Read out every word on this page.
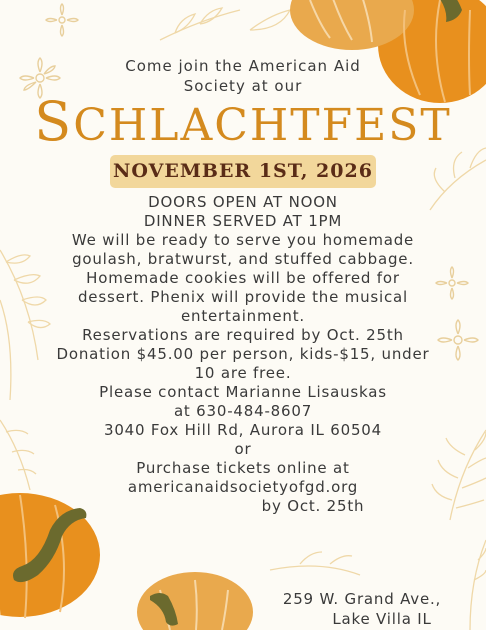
Come join the American Aid
Society at our
SCHLACHTFEST
NOVEMBER 1ST, 2026
DOORS OPEN AT NOON
DINNER SERVED AT 1PM
We will be ready to serve you homemade
goulash, bratwurst, and stuffed cabbage.
Homemade cookies will be offered for
dessert. Phenix will provide the musical
entertainment.
Reservations are required by Oct. 25th
Donation $45.00 per person, kids-$15, under
10 are free.
Please contact Marianne Lisauskas
at 630-484-8607
3040 Fox Hill Rd, Aurora IL 60504
or
Purchase tickets online at
americanaidsocietyofgd.org
by Oct. 25th
259 W. Grand Ave.,
Lake Villa IL
